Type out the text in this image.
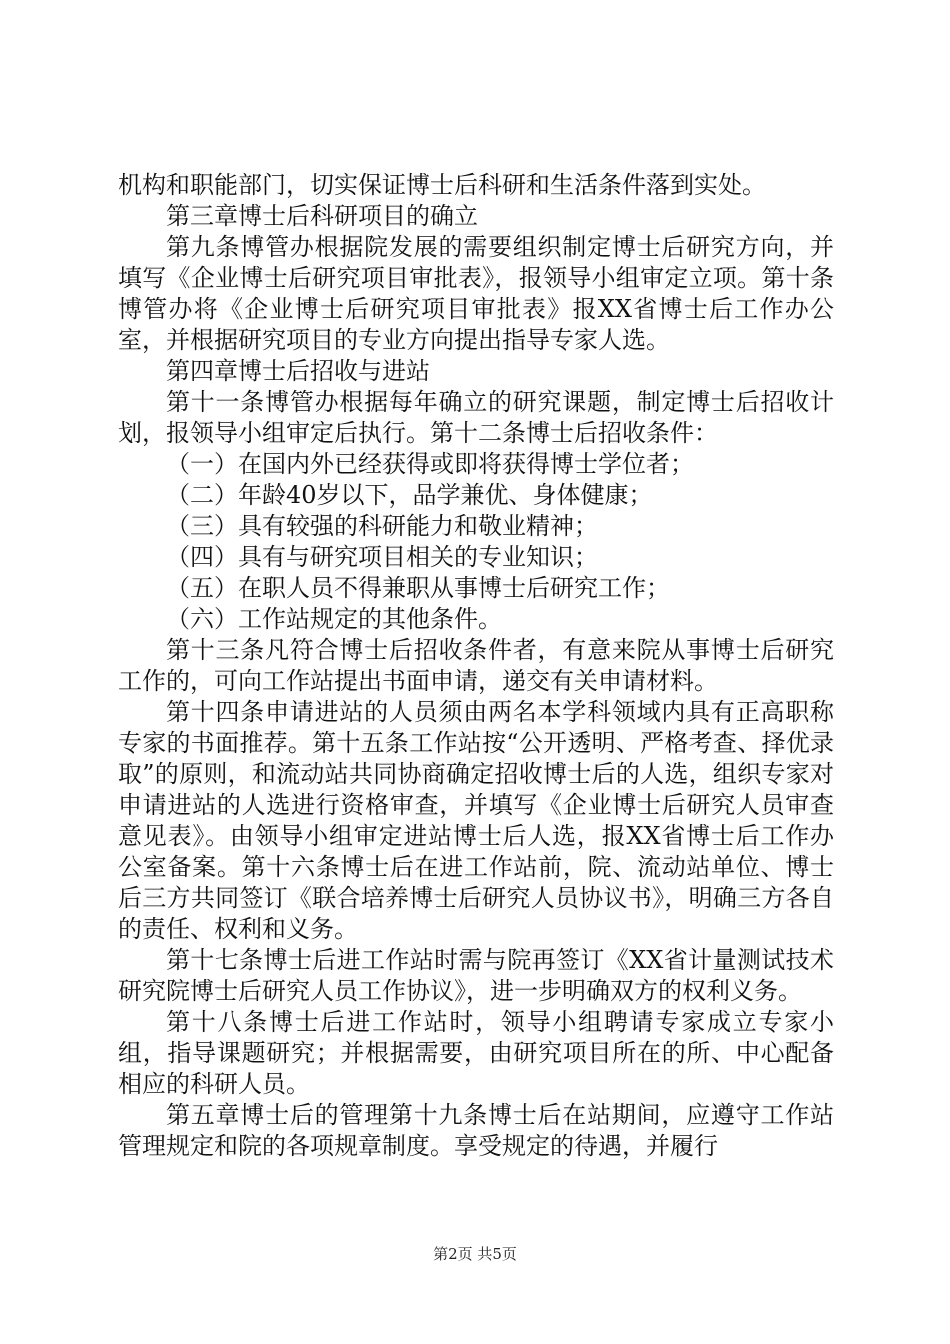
机构和职能部门，切实保证博士后科研和生活条件落到实处。

第三章博士后科研项目的确立

第九条博管办根据院发展的需要组织制定博士后研究方向，并填写《企业博士后研究项目审批表》，报领导小组审定立项。第十条博管办将《企业博士后研究项目审批表》报XX省博士后工作办公室，并根据研究项目的专业方向提出指导专家人选。

第四章博士后招收与进站

第十一条博管办根据每年确立的研究课题，制定博士后招收计划，报领导小组审定后执行。第十二条博士后招收条件：

（一）在国内外已经获得或即将获得博士学位者；

（二）年龄40岁以下，品学兼优、身体健康；

（三）具有较强的科研能力和敬业精神；

（四）具有与研究项目相关的专业知识；

（五）在职人员不得兼职从事博士后研究工作；

（六）工作站规定的其他条件。

第十三条凡符合博士后招收条件者，有意来院从事博士后研究工作的，可向工作站提出书面申请，递交有关申请材料。

第十四条申请进站的人员须由两名本学科领域内具有正高职称专家的书面推荐。第十五条工作站按“公开透明、严格考查、择优录取”的原则，和流动站共同协商确定招收博士后的人选，组织专家对申请进站的人选进行资格审查，并填写《企业博士后研究人员审查意见表》。由领导小组审定进站博士后人选，报XX省博士后工作办公室备案。第十六条博士后在进工作站前，院、流动站单位、博士后三方共同签订《联合培养博士后研究人员协议书》，明确三方各自的责任、权利和义务。

第十七条博士后进工作站时需与院再签订《XX省计量测试技术研究院博士后研究人员工作协议》，进一步明确双方的权利义务。

第十八条博士后进工作站时，领导小组聘请专家成立专家小组，指导课题研究；并根据需要，由研究项目所在的所、中心配备相应的科研人员。

第五章博士后的管理第十九条博士后在站期间，应遵守工作站管理规定和院的各项规章制度。享受规定的待遇，并履行

第2页 共5页
